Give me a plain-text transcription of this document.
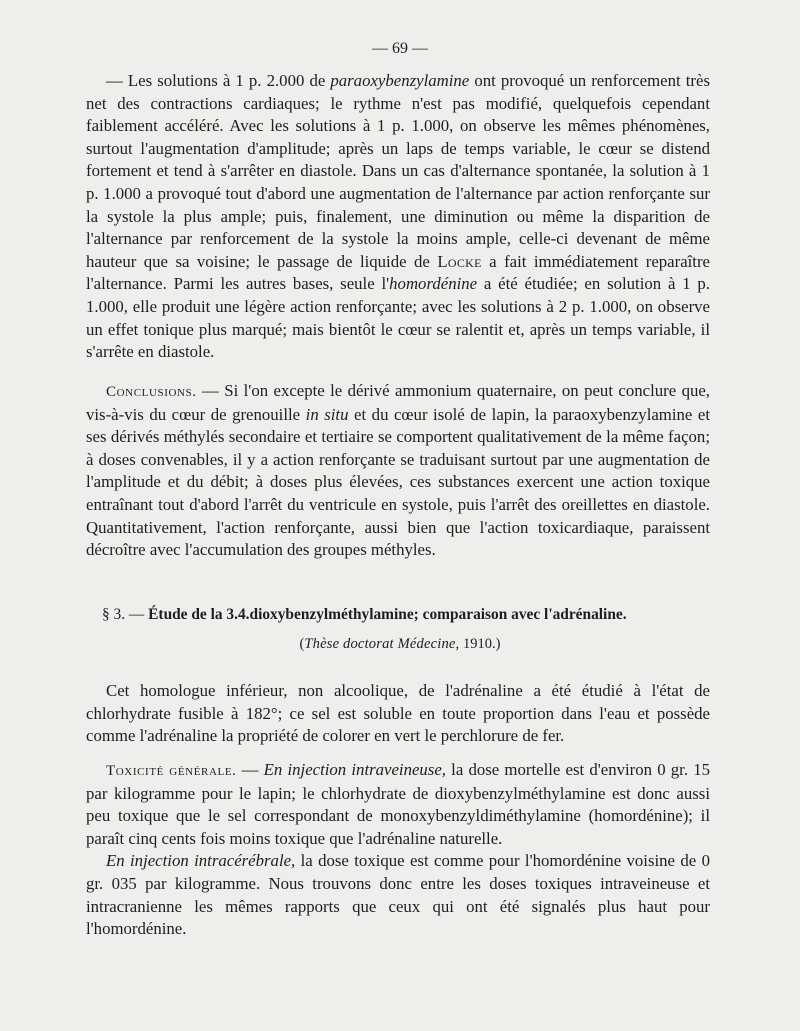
— 69 —

— Les solutions à 1 p. 2.000 de paraoxybenzylamine ont provoqué un renforcement très net des contractions cardiaques; le rythme n'est pas modifié, quelquefois cependant faiblement accéléré. Avec les solutions à 1 p. 1.000, on observe les mêmes phénomènes, surtout l'augmentation d'amplitude; après un laps de temps variable, le cœur se distend fortement et tend à s'arrêter en diastole. Dans un cas d'alternance spontanée, la solution à 1 p. 1.000 a provoqué tout d'abord une augmentation de l'alternance par action renforçante sur la systole la plus ample; puis, finalement, une diminution ou même la disparition de l'alternance par renforcement de la systole la moins ample, celle-ci devenant de même hauteur que sa voisine; le passage de liquide de Locke a fait immédiatement reparaître l'alternance. Parmi les autres bases, seule l'homordénine a été étudiée; en solution à 1 p. 1.000, elle produit une légère action renforçante; avec les solutions à 2 p. 1.000, on observe un effet tonique plus marqué; mais bientôt le cœur se ralentit et, après un temps variable, il s'arrête en diastole.

Conclusions. — Si l'on excepte le dérivé ammonium quaternaire, on peut conclure que, vis-à-vis du cœur de grenouille in situ et du cœur isolé de lapin, la paraoxybenzylamine et ses dérivés méthylés secondaire et tertiaire se comportent qualitativement de la même façon; à doses convenables, il y a action renforçante se traduisant surtout par une augmentation de l'amplitude et du débit; à doses plus élevées, ces substances exercent une action toxique entraînant tout d'abord l'arrêt du ventricule en systole, puis l'arrêt des oreillettes en diastole. Quantitativement, l'action renforçante, aussi bien que l'action toxicardiaque, paraissent décroître avec l'accumulation des groupes méthyles.

§ 3. — Étude de la 3.4.dioxybenzylméthylamine; comparaison avec l'adrénaline.
(Thèse doctorat Médecine, 1910.)

Cet homologue inférieur, non alcoolique, de l'adrénaline a été étudié à l'état de chlorhydrate fusible à 182°; ce sel est soluble en toute proportion dans l'eau et possède comme l'adrénaline la propriété de colorer en vert le perchlorure de fer.

Toxicité générale. — En injection intraveineuse, la dose mortelle est d'environ 0 gr. 15 par kilogramme pour le lapin; le chlorhydrate de dioxybenzylméthylamine est donc aussi peu toxique que le sel correspondant de monoxybenzyldiméthylamine (homordénine); il paraît cinq cents fois moins toxique que l'adrénaline naturelle.

En injection intracérébrale, la dose toxique est comme pour l'homordénine voisine de 0 gr. 035 par kilogramme. Nous trouvons donc entre les doses toxiques intraveineuse et intracranienne les mêmes rapports que ceux qui ont été signalés plus haut pour l'homordénine.
